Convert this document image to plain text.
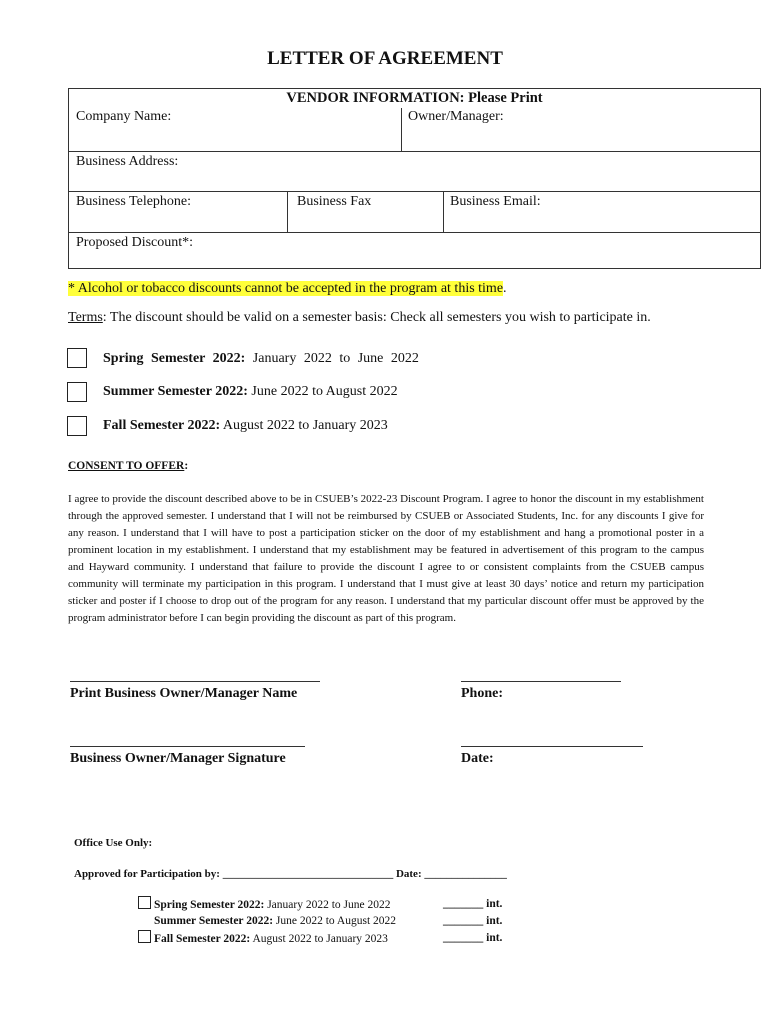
LETTER OF AGREEMENT
VENDOR INFORMATION: Please Print
Company Name:	Owner/Manager:
Business Address:
Business Telephone:	Business Fax	Business Email:
Proposed Discount*:
* Alcohol or tobacco discounts cannot be accepted in the program at this time.
Terms: The discount should be valid on a semester basis: Check all semesters you wish to participate in.
Spring Semester 2022: January 2022 to June 2022
Summer Semester 2022: June 2022 to August 2022
Fall Semester 2022: August 2022 to January 2023
CONSENT TO OFFER:
I agree to provide the discount described above to be in CSUEB’s 2022-23 Discount Program. I agree to honor the discount in my establishment through the approved semester. I understand that I will not be reimbursed by CSUEB or Associated Students, Inc. for any discounts I give for any reason. I understand that I will have to post a participation sticker on the door of my establishment and hang a promotional poster in a prominent location in my establishment. I understand that my establishment may be featured in advertisement of this program to the campus and Hayward community. I understand that failure to provide the discount I agree to or consistent complaints from the CSUEB campus community will terminate my participation in this program. I understand that I must give at least 30 days’ notice and return my participation sticker and poster if I choose to drop out of the program for any reason. I understand that my particular discount offer must be approved by the program administrator before I can begin providing the discount as part of this program.
Print Business Owner/Manager Name	Phone:
Business Owner/Manager Signature	Date:
Office Use Only:
Approved for Participation by: _______________________________ Date: _______________
Spring Semester 2022: January 2022 to June 2022	_______ int.
Summer Semester 2022: June 2022 to August 2022	_______ int.
Fall Semester 2022: August 2022 to January 2023	_______ int.
